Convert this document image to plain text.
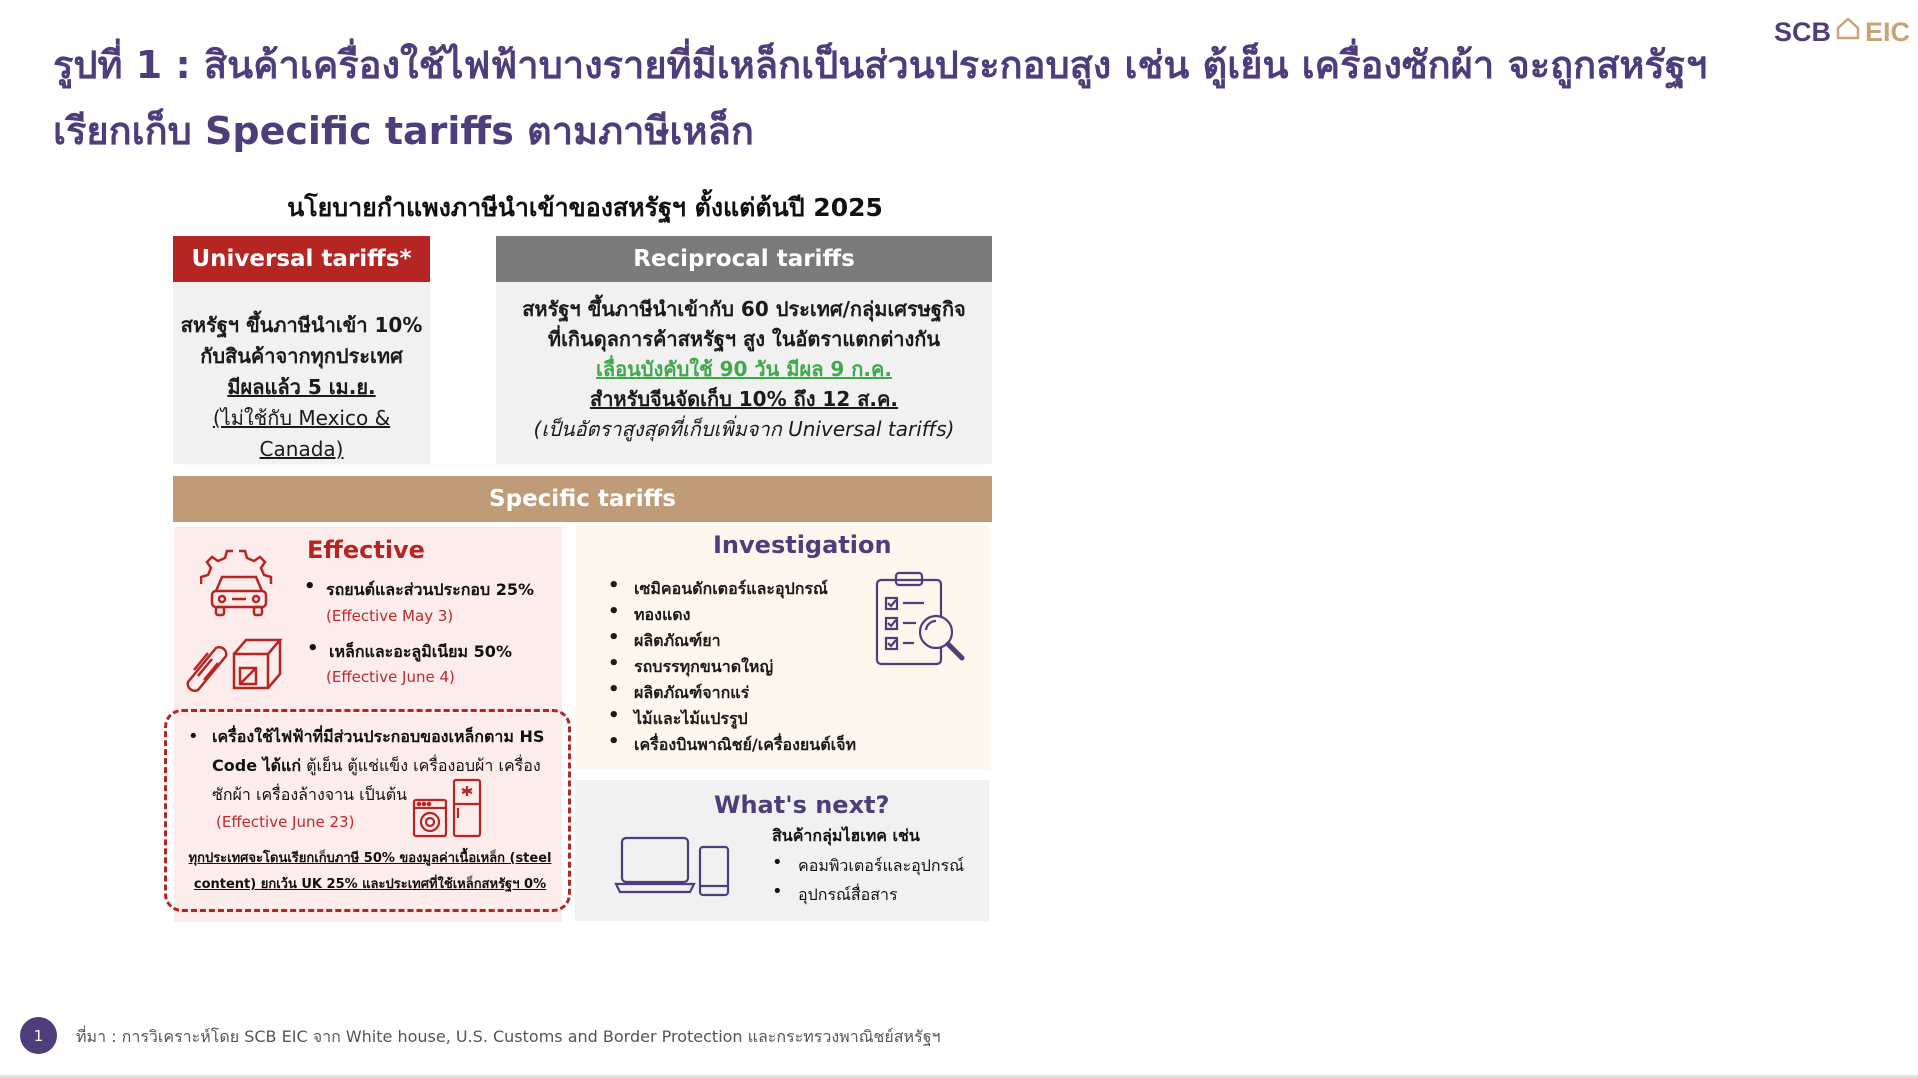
รูปที่ 1 : สินค้าเครื่องใช้ไฟฟ้าบางรายที่มีเหล็กเป็นส่วนประกอบสูง เช่น ตู้เย็น เครื่องซักผ้า จะถูกสหรัฐฯ
เรียกเก็บ Specific tariffs ตามภาษีเหล็ก
SCB EIC
นโยบายกำแพงภาษีนำเข้าของสหรัฐฯ ตั้งแต่ต้นปี 2025
Universal tariffs*
สหรัฐฯ ขึ้นภาษีนำเข้า 10%
กับสินค้าจากทุกประเทศ
มีผลแล้ว 5 เม.ย.
(ไม่ใช้กับ Mexico & Canada)
Reciprocal tariffs
สหรัฐฯ ขึ้นภาษีนำเข้ากับ 60 ประเทศ/กลุ่มเศรษฐกิจ
ที่เกินดุลการค้าสหรัฐฯ สูง ในอัตราแตกต่างกัน
เลื่อนบังคับใช้ 90 วัน มีผล 9 ก.ค.
สำหรับจีนจัดเก็บ 10% ถึง 12 ส.ค.
(เป็นอัตราสูงสุดที่เก็บเพิ่มจาก Universal tariffs)
Specific tariffs
Effective
• รถยนต์และส่วนประกอบ 25%
(Effective May 3)
• เหล็กและอะลูมิเนียม 50%
(Effective June 4)
• เครื่องใช้ไฟฟ้าที่มีส่วนประกอบของเหล็กตาม HS Code ได้แก่ ตู้เย็น ตู้แช่แข็ง เครื่องอบผ้า เครื่องซักผ้า เครื่องล้างจาน เป็นต้น
(Effective June 23)
ทุกประเทศจะโดนเรียกเก็บภาษี 50% ของมูลค่าเนื้อเหล็ก (steel content) ยกเว้น UK 25% และประเทศที่ใช้เหล็กสหรัฐฯ 0%
Investigation
• เซมิคอนดักเตอร์และอุปกรณ์
• ทองแดง
• ผลิตภัณฑ์ยา
• รถบรรทุกขนาดใหญ่
• ผลิตภัณฑ์จากแร่
• ไม้และไม้แปรรูป
• เครื่องบินพาณิชย์/เครื่องยนต์เจ็ท
What's next?
สินค้ากลุ่มไฮเทค เช่น
• คอมพิวเตอร์และอุปกรณ์
• อุปกรณ์สื่อสาร
1	ที่มา : การวิเคราะห์โดย SCB EIC จาก White house, U.S. Customs and Border Protection และกระทรวงพาณิชย์สหรัฐฯ
